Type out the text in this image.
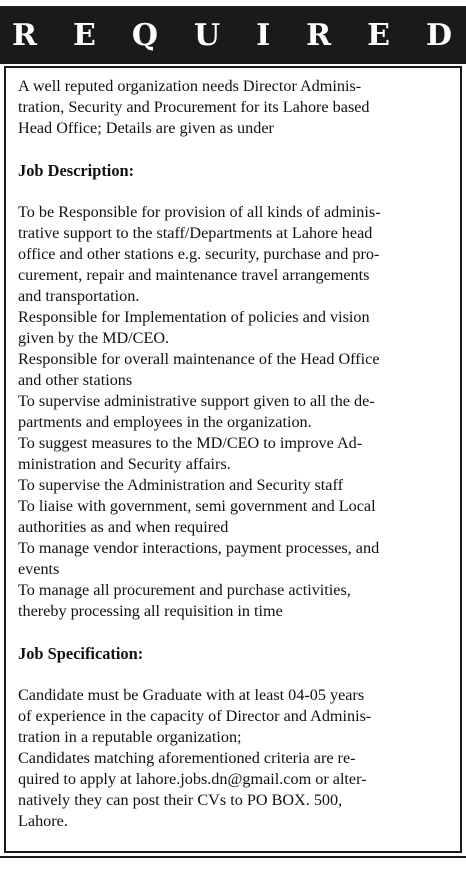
R E Q U I R E D

A well reputed organization needs Director Adminis-

tration, Security and Procurement for its Lahore based

Head Office; Details are given as under

Job Description:

To be Responsible for provision of all kinds of adminis-

trative support to the staff/Departments at Lahore head

office and other stations e.g. security, purchase and pro-

curement, repair and maintenance travel arrangements

and transportation.

Responsible for Implementation of policies and vision

given by the MD/CEO.

Responsible for overall maintenance of the Head Office

and other stations

To supervise administrative support given to all the de-

partments and employees in the organization.

To suggest measures to the MD/CEO to improve Ad-

ministration and Security affairs.

To supervise the Administration and Security staff

To liaise with government, semi government and Local

authorities as and when required

To manage vendor interactions, payment processes, and

events

To manage all procurement and purchase activities,

thereby processing all requisition in time

Job Specification:

Candidate must be Graduate with at least 04-05 years

of experience in the capacity of Director and Adminis-

tration in a reputable organization;

Candidates matching aforementioned criteria are re-

quired to apply at lahore.jobs.dn@gmail.com or alter-

natively they can post their CVs to PO BOX. 500,

Lahore.
